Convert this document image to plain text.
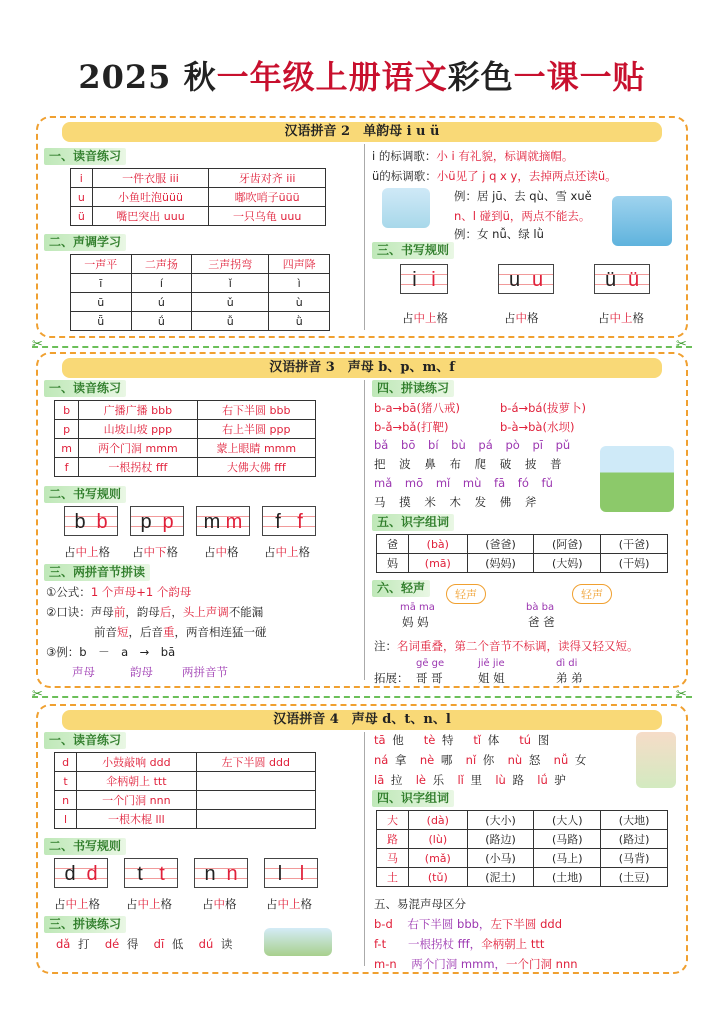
2025 秋一年级上册语文彩色一课一贴
汉语拼音 2　单韵母 i u ü
一、读音练习
i	一件衣服 iii	牙齿对齐 iii
u	小鱼吐泡üüü	嘟吹哨子üüü
ü	嘴巴突出 uuu	一只乌龟 uuu
二、声调学习
一声平	二声扬	三声拐弯	四声降
ī	í	ǐ	ì
ū	ú	ǔ	ù
ǖ	ǘ	ǚ	ǜ
i 的标调歌：小 i 有礼貌，标调就摘帽。
ü的标调歌：小ü见了 j q x y，去掉两点还读ü。
例：居 jū、去 qù、雪 xuě
n、l 碰到ü，两点不能去。
例：女 nǚ、绿 lǜ
三、书写规则
i i	u u	ü ü
占中上格	占中格	占中上格
✂	✂
汉语拼音 3　声母 b、p、m、f
一、读音练习
b	广播广播 bbb	右下半圆 bbb
p	山坡山坡 ppp	右上半圆 ppp
m	两个门洞 mmm	蒙上眼睛 mmm
f	一根拐杖 fff	大佛大佛 fff
二、书写规则
b b p p m m f f
占中上格 占中下格 占中格 占中上格
三、两拼音节拼读
①公式：1 个声母+1 个韵母
②口诀：声母前，韵母后，头上声调不能漏
前音短，后音重，两音相连猛一碰
③例：b　－　a　→　bā
声母	韵母	两拼音节
四、拼读练习
b-a→bā(猪八戒)	b-á→bá(拔萝卜)
b-ǎ→bǎ(打靶)	b-à→bà(水坝)
bǎ bō bí bù pá pò pī pǔ
把 波 鼻 布 爬 破 披 普
mǎ mō mǐ mù fā fó fǔ
马 摸 米 木 发 佛 斧
五、识字组词
爸	(bà)	(爸爸)	(阿爸)	(干爸)
妈	(mā)	(妈妈)	(大妈)	(干妈)
六、轻声	轻声	轻声
mā ma
妈 妈
bà ba
爸 爸
注：名词重叠，第二个音节不标调，读得又轻又短。
拓展：
gē ge
哥 哥
jiě jie
姐 姐
dì di
弟 弟
✂	✂
汉语拼音 4　声母 d、t、n、l
一、读音练习
d	小鼓敲响 ddd	左下半圆 ddd
t	伞柄朝上 ttt	
n	一个门洞 nnn	
l	一根木棍 lll	
二、书写规则
d d t t n n l l
占中上格 占中上格	占中格	占中上格
三、拼读练习
dǎ 打 dé 得 dī 低 dú 读
tā 他 tè 特 tǐ 体 tú 图
ná 拿 nè 哪 nǐ 你 nù 怒 nǚ 女
lā 拉 lè 乐 lǐ 里 lù 路 lǘ 驴
四、识字组词
大	(dà)	(大小)	(大人)	(大地)
路	(lù)	(路边)	(马路)	(路过)
马	(mǎ)	(小马)	(马上)	(马背)
土	(tǔ)	(泥土)	(土地)	(土豆)
五、易混声母区分
b-d 右下半圆 bbb，左下半圆 ddd
f-t 一根拐杖 fff，伞柄朝上 ttt
m-n 两个门洞 mmm，一个门洞 nnn
